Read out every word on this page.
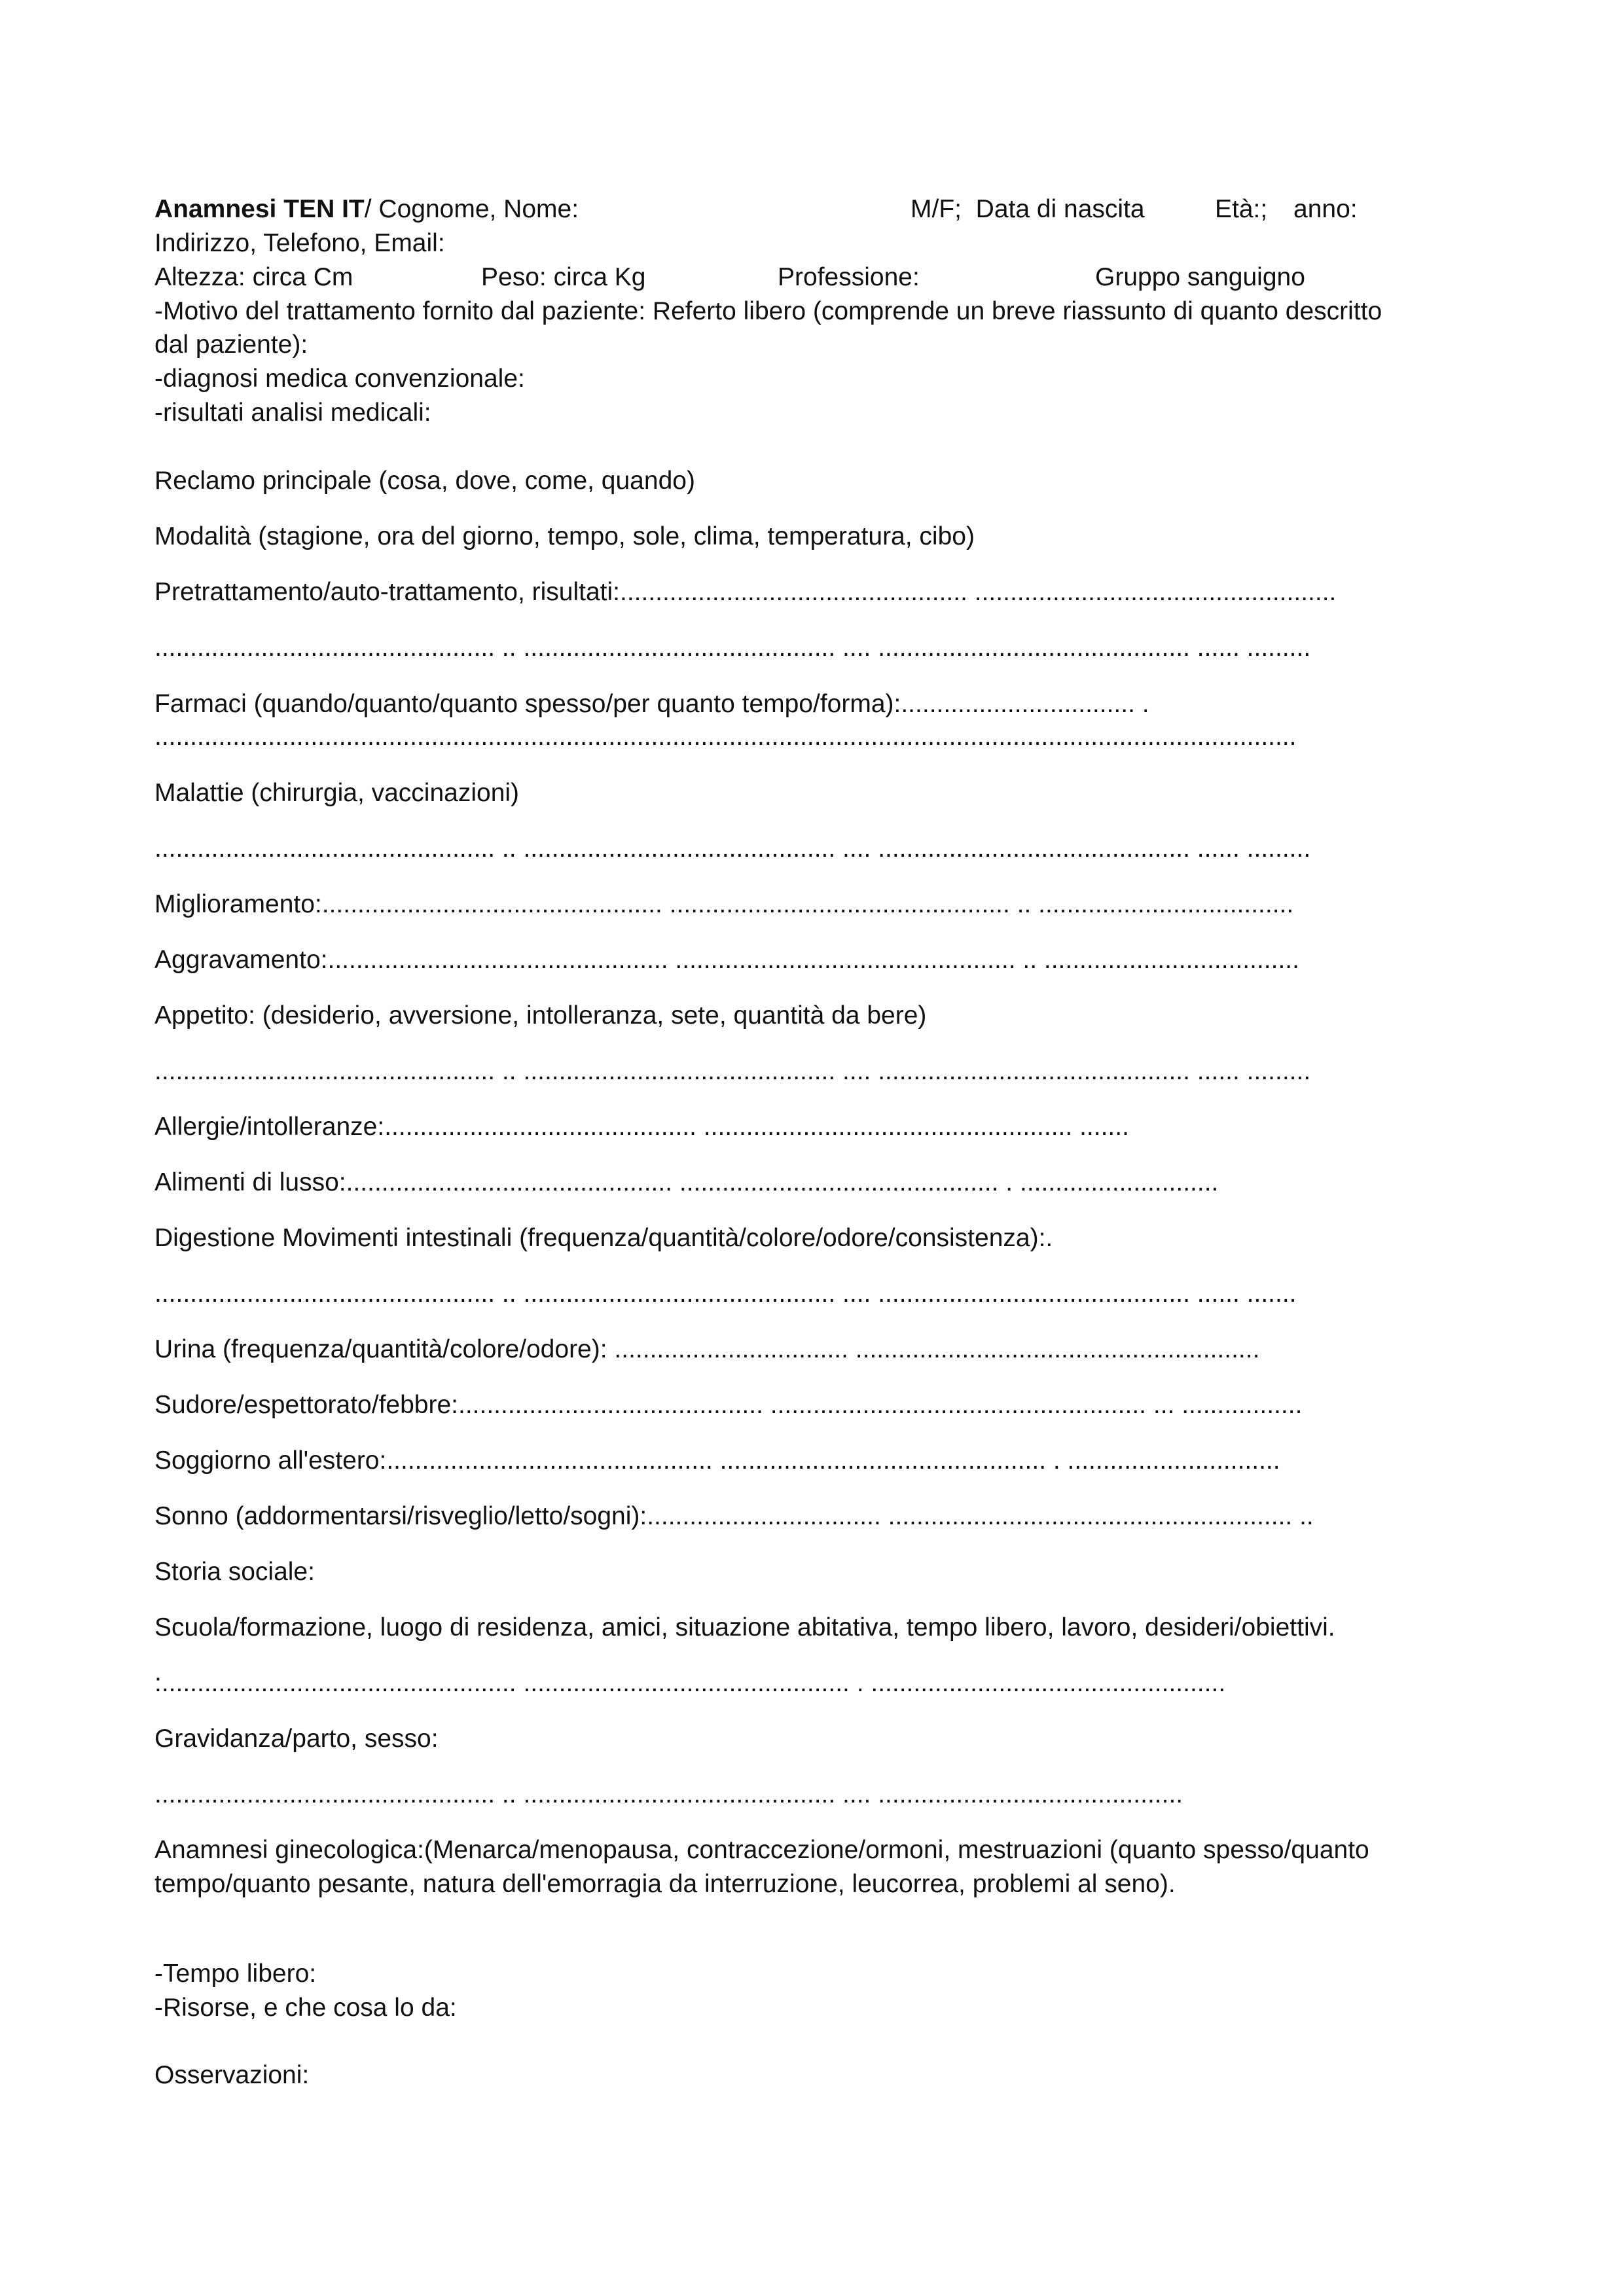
Anamnesi TEN IT/ Cognome, Nome:	M/F;  Data di nascita	Età:; anno:
Indirizzo, Telefono, Email:
Altezza: circa Cm	Peso: circa Kg	Professione:	Gruppo sanguigno
-Motivo del trattamento fornito dal paziente: Referto libero (comprende un breve riassunto di quanto descritto
dal paziente):
-diagnosi medica convenzionale:
-risultati analisi medicali:
Reclamo principale (cosa, dove, come, quando)
Modalità (stagione, ora del giorno, tempo, sole, clima, temperatura, cibo)
Pretrattamento/auto-trattamento, risultati:................................................. ...................................................
................................................ .. ............................................ .... ............................................ ...... .........
Farmaci (quando/quanto/quanto spesso/per quanto tempo/forma):................................. .
.................................................................................................................................................................
Malattie (chirurgia, vaccinazioni)
................................................ .. ............................................ .... ............................................ ...... .........
Miglioramento:................................................ ................................................ .. ....................................
Aggravamento:................................................ ................................................ .. ....................................
Appetito: (desiderio, avversione, intolleranza, sete, quantità da bere)
................................................ .. ............................................ .... ............................................ ...... .........
Allergie/intolleranze:............................................ .................................................... .......
Alimenti di lusso:.............................................. ............................................. . ............................
Digestione Movimenti intestinali (frequenza/quantità/colore/odore/consistenza):.
................................................ .. ............................................ .... ............................................ ...... .......
Urina (frequenza/quantità/colore/odore): ................................. .........................................................
Sudore/espettorato/febbre:........................................... ..................................................... ... .................
Soggiorno all'estero:.............................................. .............................................. . ..............................
Sonno (addormentarsi/risveglio/letto/sogni):................................. ......................................................... ..
Storia sociale:
Scuola/formazione, luogo di residenza, amici, situazione abitativa, tempo libero, lavoro, desideri/obiettivi.
:.................................................. .............................................. . ..................................................
Gravidanza/parto, sesso:
................................................ .. ............................................ .... ...........................................
Anamnesi ginecologica:(Menarca/menopausa, contraccezione/ormoni, mestruazioni (quanto spesso/quanto
tempo/quanto pesante, natura dell'emorragia da interruzione, leucorrea, problemi al seno).
-Tempo libero:
-Risorse, e che cosa lo da:
Osservazioni:
